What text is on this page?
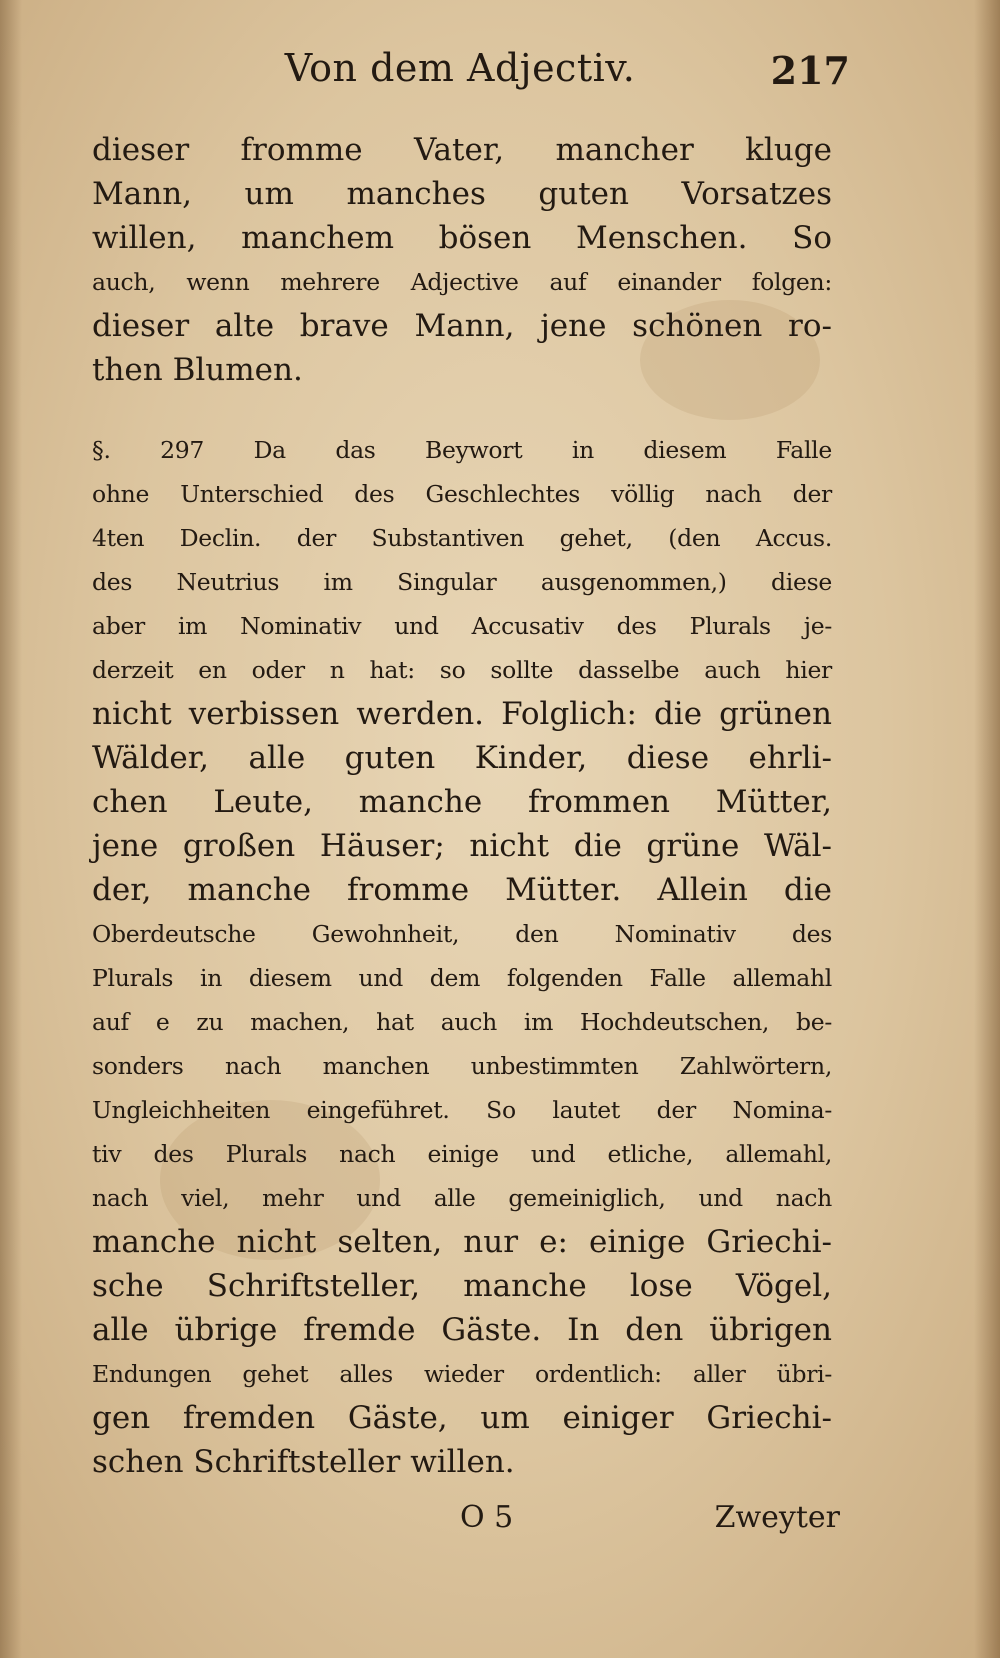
Von dem Adjectiv.	217
dieser fromme Vater, mancher kluge
Mann, um manches guten Vorsatzes
willen, manchem bösen Menschen. So
auch, wenn mehrere Adjective auf einander folgen:
dieser alte brave Mann, jene schönen ro-
then Blumen.
§. 297 Da das Beywort in diesem Falle
ohne Unterschied des Geschlechtes völlig nach der
4ten Declin. der Substantiven gehet, (den Accus.
des Neutrius im Singular ausgenommen,) diese
aber im Nominativ und Accusativ des Plurals je-
derzeit en oder n hat: so sollte dasselbe auch hier
nicht verbissen werden. Folglich: die grünen
Wälder, alle guten Kinder, diese ehrli-
chen Leute, manche frommen Mütter,
jene großen Häuser; nicht die grüne Wäl-
der, manche fromme Mütter. Allein die
Oberdeutsche Gewohnheit, den Nominativ des
Plurals in diesem und dem folgenden Falle allemahl
auf e zu machen, hat auch im Hochdeutschen, be-
sonders nach manchen unbestimmten Zahlwörtern,
Ungleichheiten eingeführet. So lautet der Nomina-
tiv des Plurals nach einige und etliche, allemahl,
nach viel, mehr und alle gemeiniglich, und nach
manche nicht selten, nur e: einige Griechi-
sche Schriftsteller, manche lose Vögel,
alle übrige fremde Gäste. In den übrigen
Endungen gehet alles wieder ordentlich: aller übri-
gen fremden Gäste, um einiger Griechi-
schen Schriftsteller willen.
O 5	Zweyter
